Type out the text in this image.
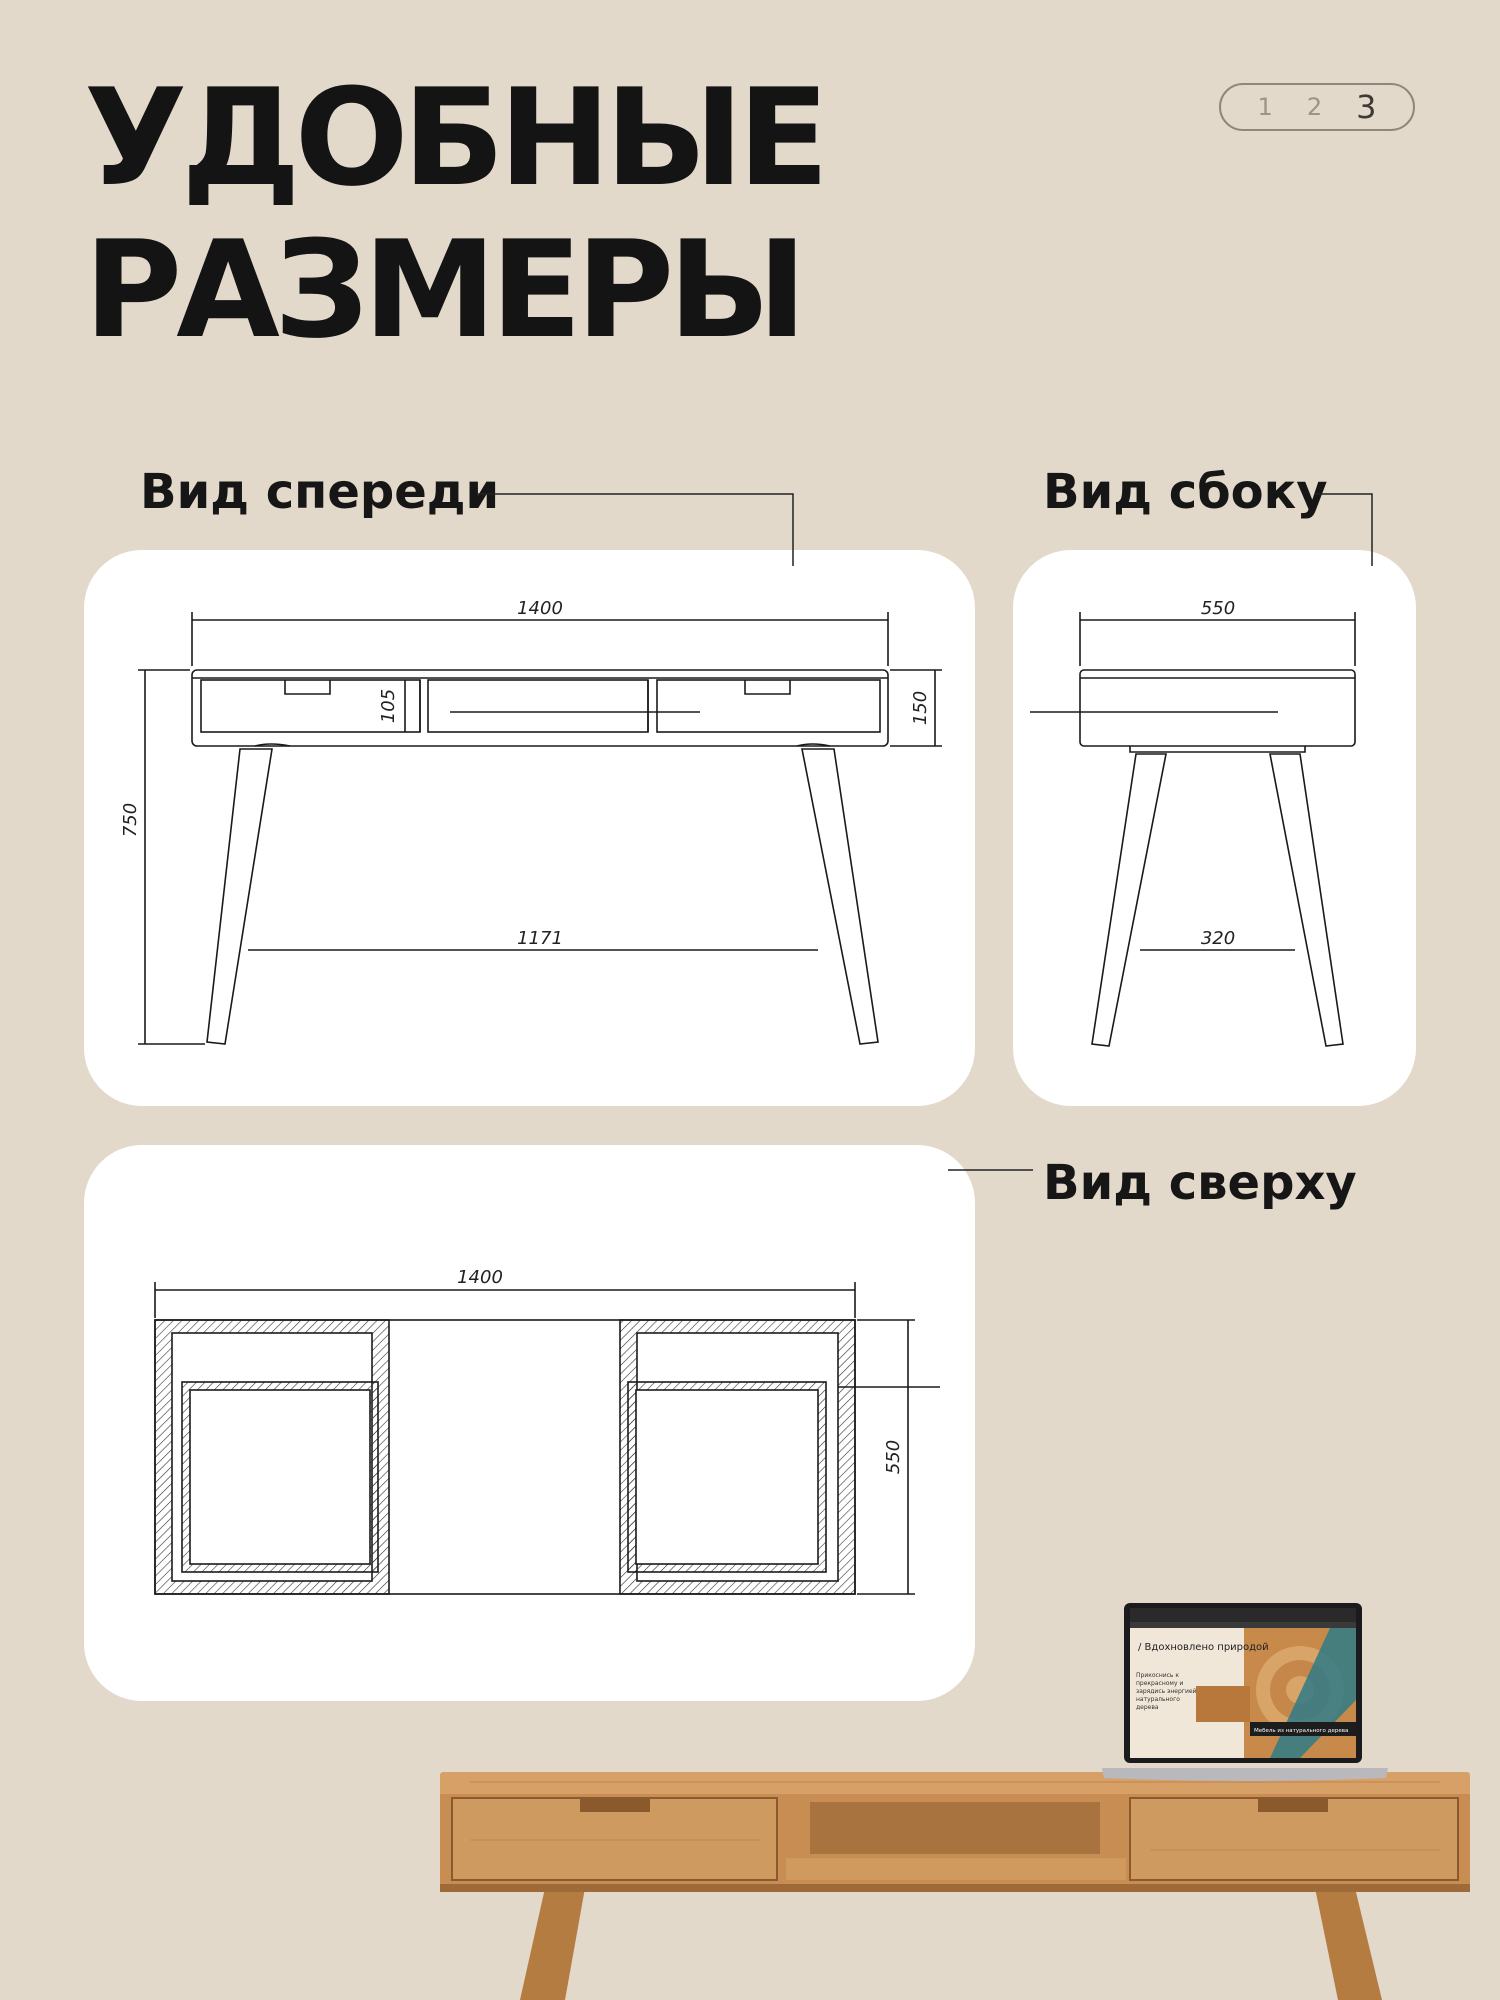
УДОБНЫЕ
РАЗМЕРЫ
1 2 3

Вид спереди	Вид сбоку

Вид сверху

1400
1171
750
150
105
550
320
1400
550
/ Вдохновлено природой
Прикоснись к прекрасному и зарядись энергией натурального дерева
Мебель из натурального дерева
